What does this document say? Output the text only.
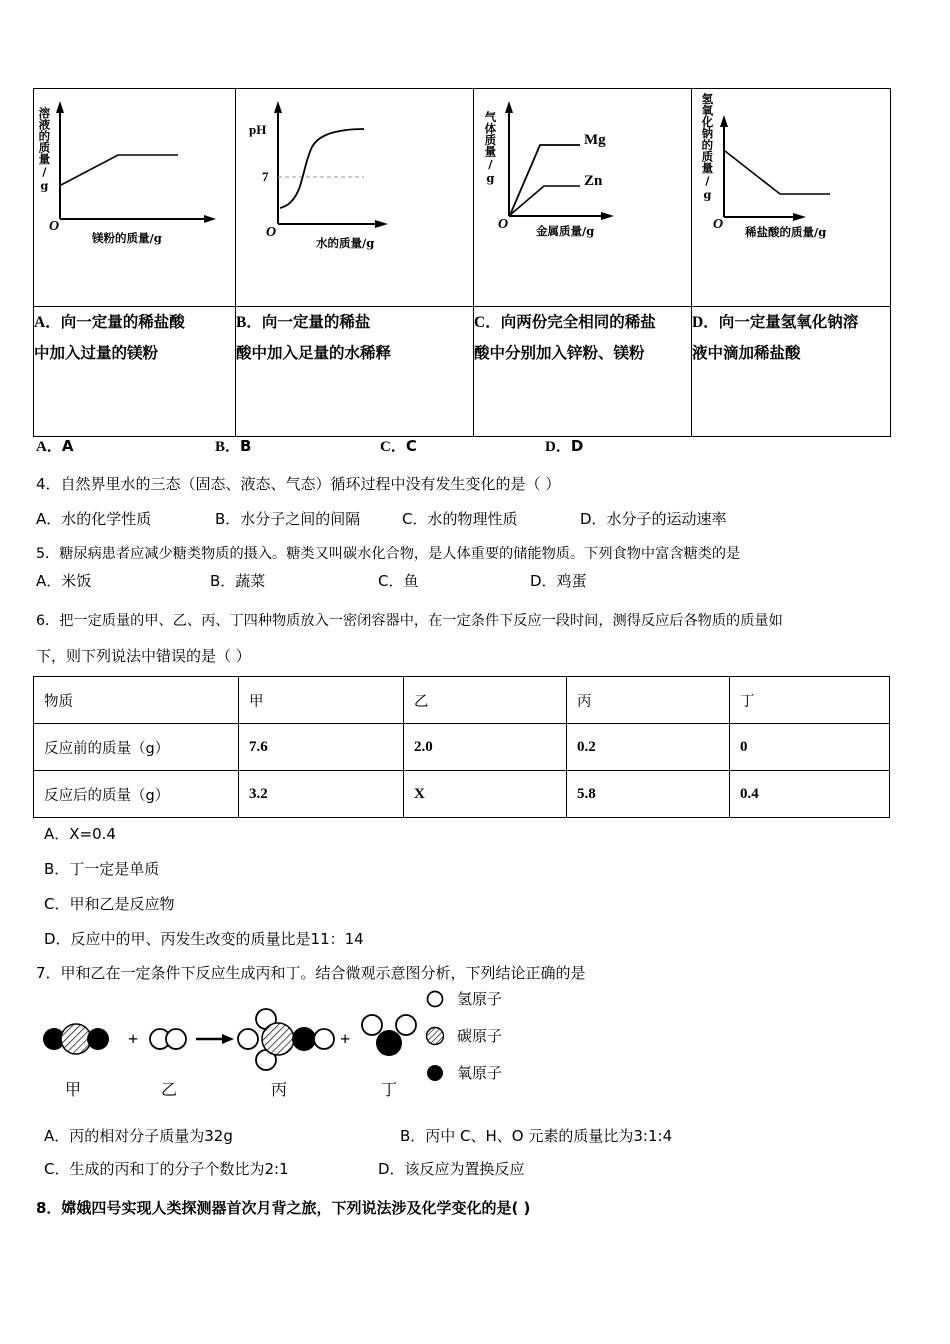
溶液的质量/g
O
镁粉的质量/g	pH
7
O
水的质量/g	气体质量/g
O 金属质量/g
Mg
Zn	氢氧化钠的质量/g
O 稀盐酸的质量/g

A．向一定量的稀盐酸
中加入过量的镁粉

B．向一定量的稀盐
酸中加入足量的水稀释

C．向两份完全相同的稀盐
酸中分别加入锌粉、镁粉

D．向一定量氢氧化钠溶
液中滴加稀盐酸
A．A	B．B	C．C	D．D
4．自然界里水的三态（固态、液态、气态）循环过程中没有发生变化的是（ ）
A．水的化学性质	B．水分子之间的间隔	C．水的物理性质	D．水分子的运动速率
5．糖尿病患者应减少糖类物质的摄入。糖类又叫碳水化合物，是人体重要的储能物质。下列食物中富含糖类的是
A．米饭	B．蔬菜	C．鱼	D．鸡蛋
6．把一定质量的甲、乙、丙、丁四种物质放入一密闭容器中，在一定条件下反应一段时间，测得反应后各物质的质量如
下，则下列说法中错误的是（ ）
物质	甲	乙	丙	丁
反应前的质量（g）	7.6	2.0	0.2	0
反应后的质量（g）	3.2	X	5.8	0.4
A．X=0.4
B．丁一定是单质
C．甲和乙是反应物
D．反应中的甲、丙发生改变的质量比是11：14
7．甲和乙在一定条件下反应生成丙和丁。结合微观示意图分析，下列结论正确的是
+	+
甲	乙	丙	丁
氢原子
碳原子
氧原子
A．丙的相对分子质量为32g	B．丙中 C、H、O 元素的质量比为3:1:4
C．生成的丙和丁的分子个数比为2:1	D．该反应为置换反应
8．嫦娥四号实现人类探测器首次月背之旅，下列说法涉及化学变化的是( )
